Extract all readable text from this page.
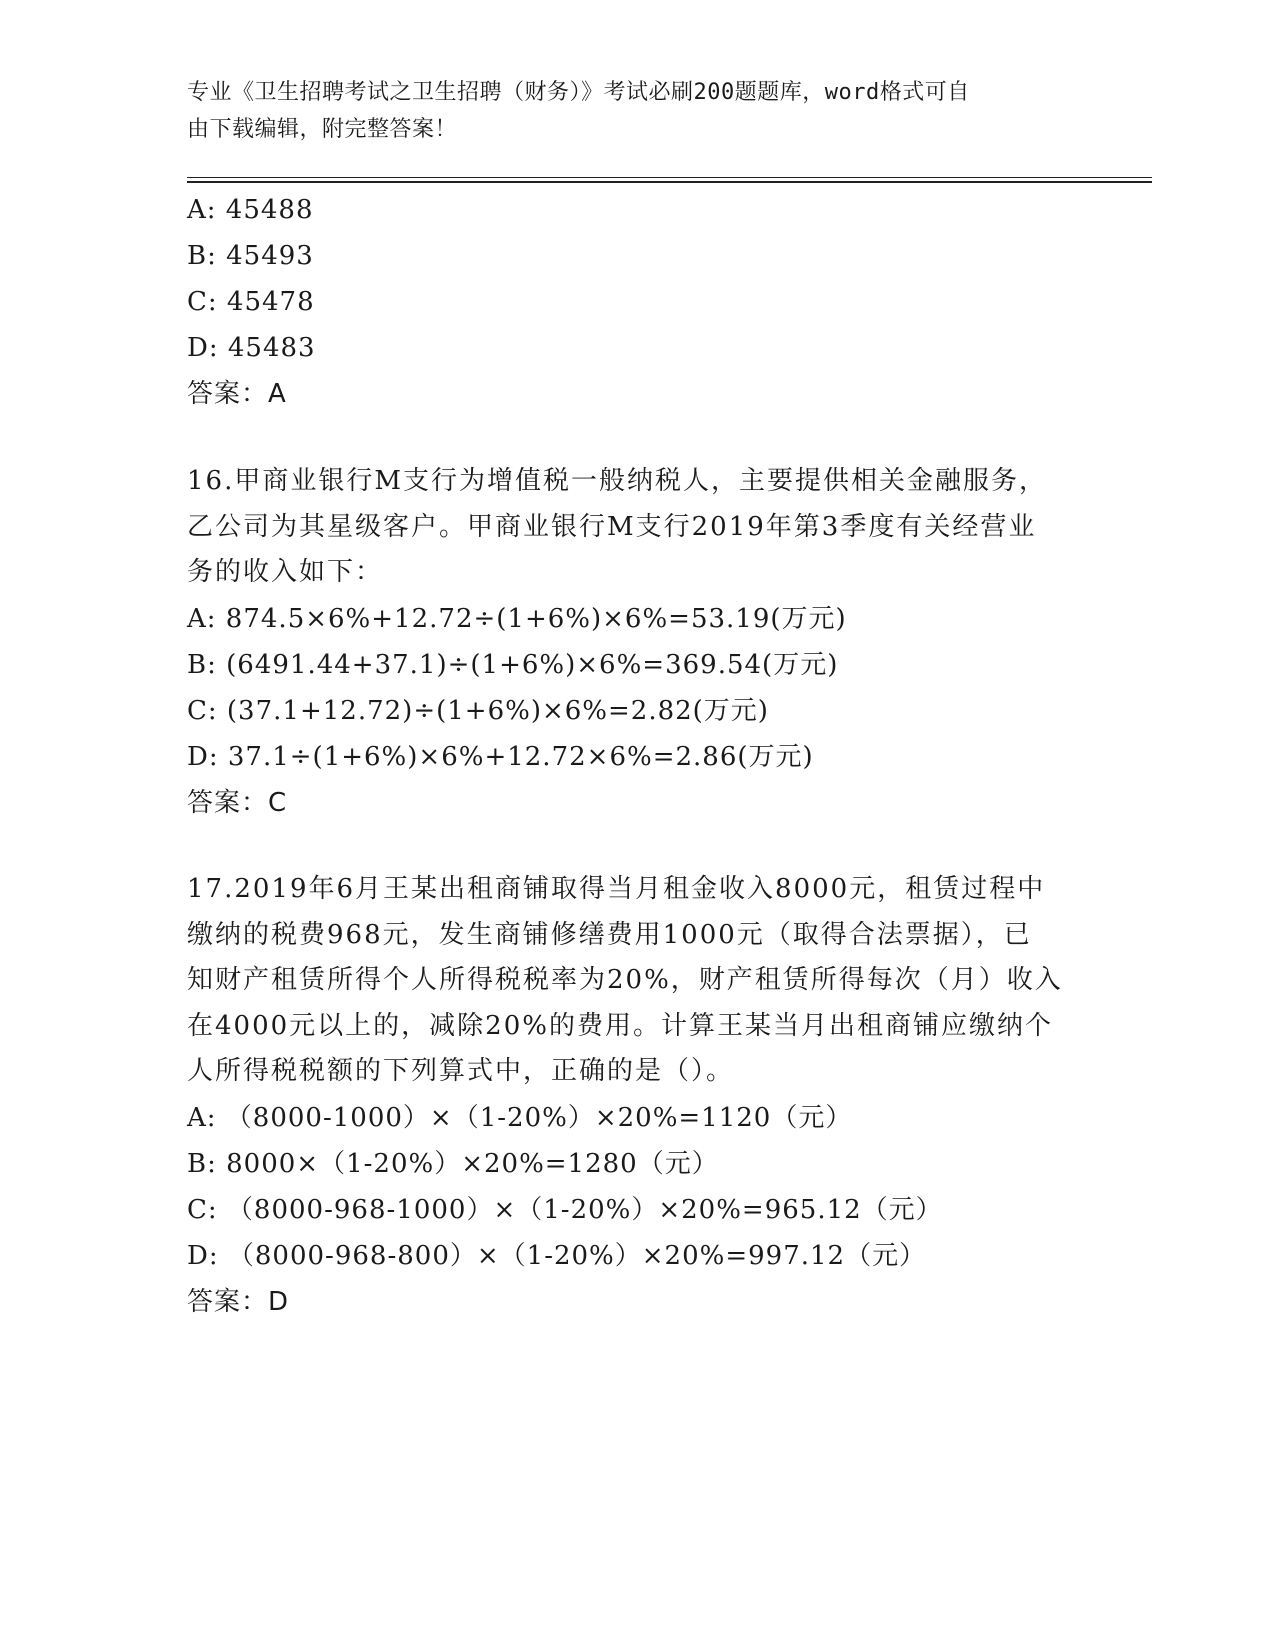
专业《卫生招聘考试之卫生招聘（财务）》考试必刷200题题库，word格式可自
由下载编辑，附完整答案！
A: 45488
B: 45493
C: 45478
D: 45483
答案：A
16.甲商业银行M支行为增值税一般纳税人，主要提供相关金融服务，
乙公司为其星级客户。甲商业银行M支行2019年第3季度有关经营业
务的收入如下：
A: 874.5×6%+12.72÷(1+6%)×6%=53.19(万元)
B: (6491.44+37.1)÷(1+6%)×6%=369.54(万元)
C: (37.1+12.72)÷(1+6%)×6%=2.82(万元)
D: 37.1÷(1+6%)×6%+12.72×6%=2.86(万元)
答案：C
17.2019年6月王某出租商铺取得当月租金收入8000元，租赁过程中
缴纳的税费968元，发生商铺修缮费用1000元（取得合法票据），已
知财产租赁所得个人所得税税率为20%，财产租赁所得每次（月）收入
在4000元以上的，减除20%的费用。计算王某当月出租商铺应缴纳个
人所得税税额的下列算式中，正确的是（）。
A: （8000-1000）×（1-20%）×20%=1120（元）
B: 8000×（1-20%）×20%=1280（元）
C: （8000-968-1000）×（1-20%）×20%=965.12（元）
D: （8000-968-800）×（1-20%）×20%=997.12（元）
答案：D
